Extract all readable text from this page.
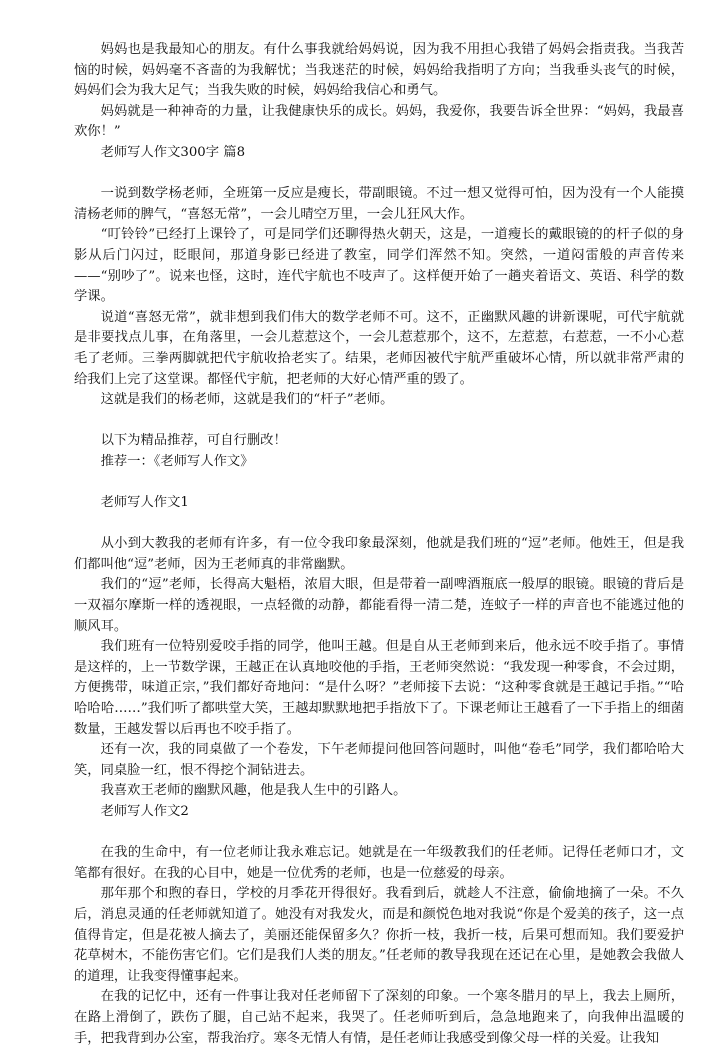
妈妈也是我最知心的朋友。有什么事我就给妈妈说，因为我不用担心我错了妈妈会指责我。当我苦恼的时候，妈妈毫不吝啬的为我解忧；当我迷茫的时候，妈妈给我指明了方向；当我垂头丧气的时候，妈妈们会为我大足气；当我失败的时候，妈妈给我信心和勇气。

妈妈就是一种神奇的力量，让我健康快乐的成长。妈妈，我爱你，我要告诉全世界：“妈妈，我最喜欢你！”

老师写人作文300字 篇8

一说到数学杨老师，全班第一反应是瘦长，带副眼镜。不过一想又觉得可怕，因为没有一个人能摸清杨老师的脾气，“喜怒无常”，一会儿晴空万里，一会儿狂风大作。

“叮铃铃”已经打上课铃了，可是同学们还聊得热火朝天，这是，一道瘦长的戴眼镜的的杆子似的身影从后门闪过，眨眼间，那道身影已经进了教室，同学们浑然不知。突然，一道闷雷般的声音传来——“别吵了”。说来也怪，这时，连代宇航也不吱声了。这样便开始了一趟夹着语文、英语、科学的数学课。

说道“喜怒无常”，就非想到我们伟大的数学老师不可。这不，正幽默风趣的讲新课呢，可代宇航就是非要找点儿事，在角落里，一会儿惹惹这个，一会儿惹惹那个，这不，左惹惹，右惹惹，一不小心惹毛了老师。三拳两脚就把代宇航收拾老实了。结果，老师因被代宇航严重破坏心情，所以就非常严肃的给我们上完了这堂课。都怪代宇航，把老师的大好心情严重的毁了。

这就是我们的杨老师，这就是我们的“杆子”老师。

以下为精品推荐，可自行删改！

推荐一：《老师写人作文》

老师写人作文1

从小到大教我的老师有许多，有一位令我印象最深刻，他就是我们班的“逗”老师。他姓王，但是我们都叫他“逗”老师，因为王老师真的非常幽默。

我们的“逗”老师，长得高大魁梧，浓眉大眼，但是带着一副啤酒瓶底一般厚的眼镜。眼镜的背后是一双福尔摩斯一样的透视眼，一点轻微的动静，都能看得一清二楚，连蚊子一样的声音也不能逃过他的顺风耳。

我们班有一位特别爱咬手指的同学，他叫王越。但是自从王老师到来后，他永远不咬手指了。事情是这样的，上一节数学课，王越正在认真地咬他的手指，王老师突然说：“我发现一种零食，不会过期，方便携带，味道正宗，”我们都好奇地问：“是什么呀？”老师接下去说：“这种零食就是王越记手指。”“哈哈哈哈……”我们听了都哄堂大笑，王越却默默地把手指放下了。下课老师让王越看了一下手指上的细菌数量，王越发誓以后再也不咬手指了。

还有一次，我的同桌做了一个卷发，下午老师提问他回答问题时，叫他“卷毛”同学，我们都哈哈大笑，同桌脸一红，恨不得挖个洞钻进去。

我喜欢王老师的幽默风趣，他是我人生中的引路人。

老师写人作文2

在我的生命中，有一位老师让我永难忘记。她就是在一年级教我们的任老师。记得任老师口才，文笔都有很好。在我的心目中，她是一位优秀的老师，也是一位慈爱的母亲。

那年那个和煦的春日，学校的月季花开得很好。我看到后，就趁人不注意，偷偷地摘了一朵。不久后，消息灵通的任老师就知道了。她没有对我发火，而是和颜悦色地对我说“你是个爱美的孩子，这一点值得肯定，但是花被人摘去了，美丽还能保留多久？你折一枝，我折一枝，后果可想而知。我们要爱护花草树木，不能伤害它们。它们是我们人类的朋友。”任老师的教导我现在还记在心里，是她教会我做人的道理，让我变得懂事起来。

在我的记忆中，还有一件事让我对任老师留下了深刻的印象。一个寒冬腊月的早上，我去上厕所，在路上滑倒了，跌伤了腿，自己站不起来，我哭了。任老师听到后，急急地跑来了，向我伸出温暖的手，把我背到办公室，帮我治疗。寒冬无情人有情，是任老师让我感受到像父母一样的关爱。让我知
